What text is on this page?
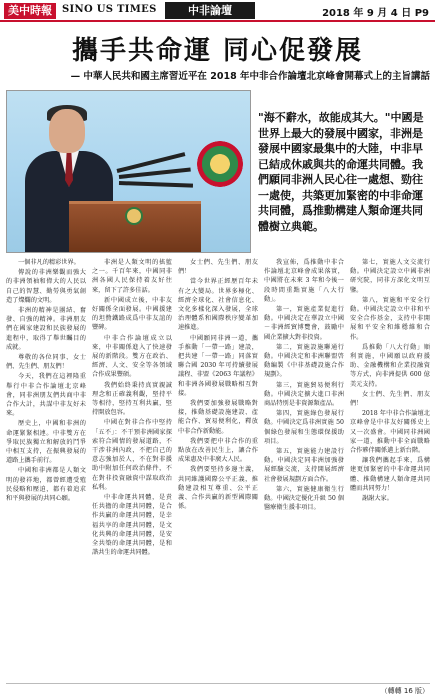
美中時報	SINO US TIMES	中非論壇	2018 年 9 月 4 日 P9
攜手共命運 同心促發展
— 中華人民共和國主席習近平在 2018 年中非合作論壇北京峰會開幕式上的主旨講話
"海不辭水，故能成其大。"中國是世界上最大的發展中國家，非洲是發展中國家最集中的大陸，中非早已結成休戚與共的命運共同體。我們願同非洲人民心往一處想、勁往一處使，共築更加緊密的中非命運共同體，爲推動構建人類命運共同體樹立典範。

一個非凡的精彩世界。

傳說的非洲樂觀而強大的非洲領袖和偉大的人民以自己的智慧、勤勞與勇氣創造了燦爛的文明。

非洲的精神是團結、奮發、自強的精神。非洲朋友們在國家建設和民族發展的進程中，取得了舉世矚目的成就。

尊敬的各位同事、女士們、先生們、朋友們！

今天，我們在這裡隆重舉行中非合作論壇北京峰會，同非洲朋友們共商中非合作大計，共謀中非友好未來。

歷史上，中國和非洲的命運緊緊相連。中非雙方在爭取民族獨立和解放的鬥爭中相互支持，在振興發展的道路上攜手前行。

中國和非洲都是人類文明的發祥地，都曾經遭受殖民侵略和壓迫，都有着追求和平與發展的共同心願。

非洲是人類文明的搖籃之一。千百年來，中國同非洲各國人民保持着友好往來，留下了許多佳話。

新中國成立後，中非友好關係全面發展。中國援建的坦贊鐵路成爲中非友誼的豐碑。

中非合作論壇成立以來，中非關係進入了快速發展的新階段。雙方在政治、經濟、人文、安全等各領域合作成果豐碩。

我們始終秉持真實親誠理念和正確義利觀，堅持平等相待，堅持互利共贏，堅持開放包容。

中國在對非合作中堅持「五不」：不干預非洲國家探索符合國情的發展道路，不干涉非洲內政，不把自己的意志強加於人，不在對非援助中附加任何政治條件，不在對非投資融資中謀取政治私利。

中非命運共同體，是責任共擔的命運共同體，是合作共贏的命運共同體，是幸福共享的命運共同體，是文化共興的命運共同體，是安全共築的命運共同體，是和諧共生的命運共同體。

女士們、先生們、朋友們！

當今世界正經歷百年未有之大變局。世界多極化、經濟全球化、社會信息化、文化多樣化深入發展，全球治理體系和國際秩序變革加速推進。

中國願同非洲一道，攜手推動「一帶一路」建設，把共建「一帶一路」同落實聯合國 2030 年可持續發展議程、非盟《2063 年議程》和非洲各國發展戰略相互對接。

我們要加強發展戰略對接，推動基礎設施建設、產能合作、貿易便利化，釋放中非合作新動能。

我們要把中非合作的重點放在改善民生上，讓合作成果惠及中非廣大人民。

我們要堅持多邊主義，共同維護國際公平正義，推動建設相互尊重、公平正義、合作共贏的新型國際關係。

我宣佈，爲推動中非合作論壇北京峰會成果落實，中國將在未來 3 年和今後一段時間重點實施「八大行動」。

第一，實施產業促進行動。中國決定在華設立中國－非洲經貿博覽會，鼓勵中國企業擴大對非投資。

第二，實施設施聯通行動。中國決定和非洲聯盟啓動編製《中非基礎設施合作規劃》。

第三，實施貿易便利行動。中國決定擴大進口非洲商品特別是非資源類產品。

第四，實施綠色發展行動。中國決定爲非洲實施 50 個綠色發展和生態環保援助項目。

第五，實施能力建設行動。中國決定同非洲加強發展經驗交流，支持開展經濟社會發展規劃方面合作。

第六，實施健康衛生行動。中國決定優化升級 50 個醫療衛生援非項目。

第七，實施人文交流行動。中國決定設立中國非洲研究院，同非方深化文明互鑒。

第八，實施和平安全行動。中國決定設立中非和平安全合作基金，支持中非開展和平安全和維穩維和合作。

爲推動「八大行動」順利實施，中國願以政府援助、金融機構和企業投融資等方式，向非洲提供 600 億美元支持。

女士們、先生們、朋友們！

2018 年中非合作論壇北京峰會是中非友好關係史上又一次盛會。中國同非洲國家一道，推動中非全面戰略合作夥伴關係邁上新台階。

讓我們攜起手來，爲構建更加緊密的中非命運共同體、推動構建人類命運共同體而共同努力！

謝謝大家。

（轉轉 16 版）
